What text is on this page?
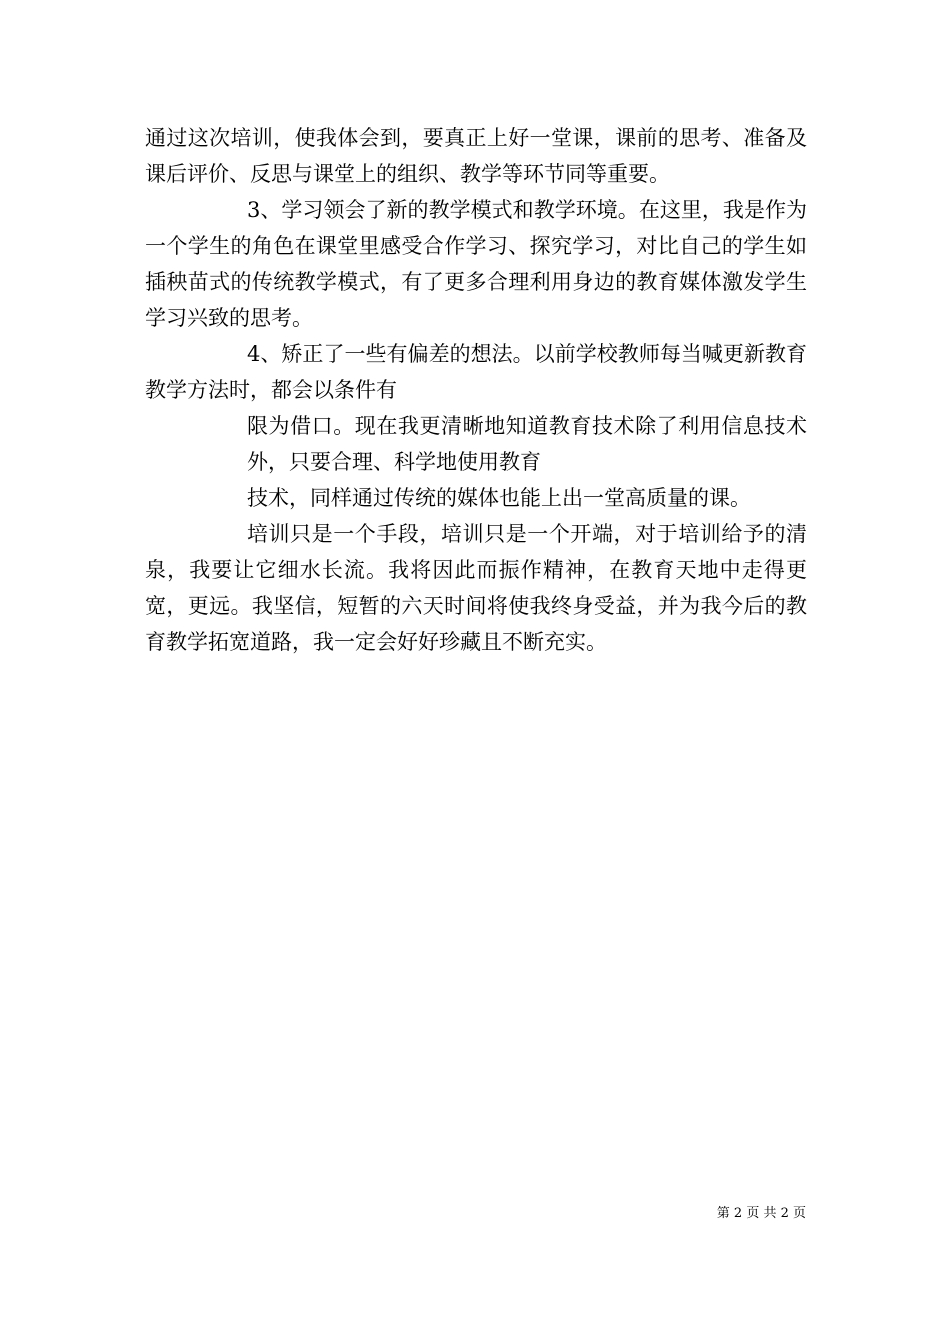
通过这次培训，使我体会到，要真正上好一堂课，课前的思考、准备及课后评价、反思与课堂上的组织、教学等环节同等重要。

3、学习领会了新的教学模式和教学环境。在这里，我是作为一个学生的角色在课堂里感受合作学习、探究学习，对比自己的学生如插秧苗式的传统教学模式，有了更多合理利用身边的教育媒体激发学生学习兴致的思考。

4、矫正了一些有偏差的想法。以前学校教师每当喊更新教育教学方法时，都会以条件有

限为借口。现在我更清晰地知道教育技术除了利用信息技术外，只要合理、科学地使用教育

技术，同样通过传统的媒体也能上出一堂高质量的课。

培训只是一个手段，培训只是一个开端，对于培训给予的清泉，我要让它细水长流。我将因此而振作精神，在教育天地中走得更宽，更远。我坚信，短暂的六天时间将使我终身受益，并为我今后的教育教学拓宽道路，我一定会好好珍藏且不断充实。

第 2 页 共 2 页
